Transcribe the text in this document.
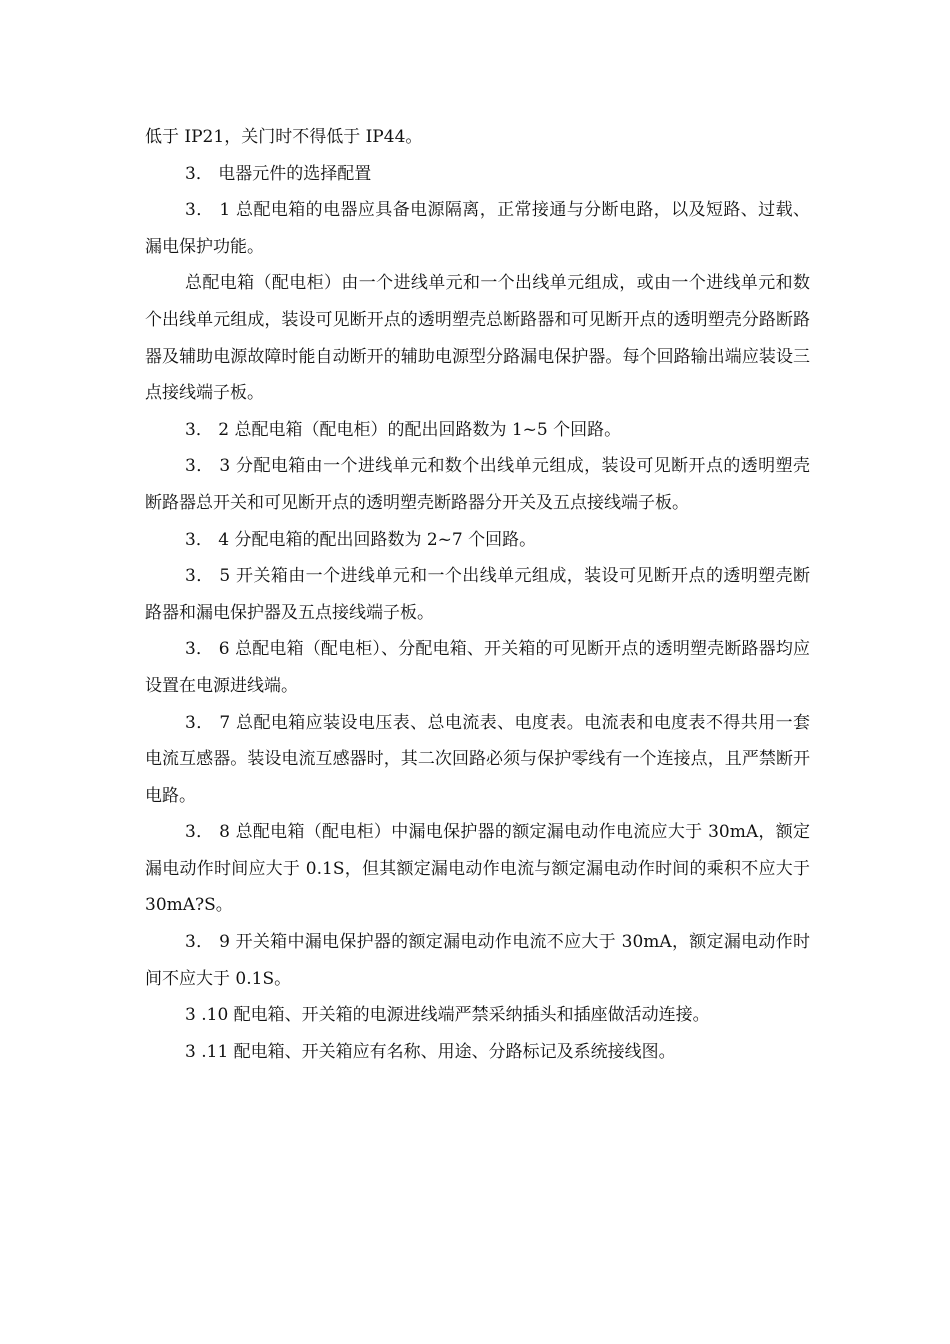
低于 IP21，关门时不得低于 IP44。

3． 电器元件的选择配置

3． 1 总配电箱的电器应具备电源隔离，正常接通与分断电路，以及短路、过载、漏电保护功能。

总配电箱（配电柜）由一个进线单元和一个出线单元组成，或由一个进线单元和数个出线单元组成，装设可见断开点的透明塑壳总断路器和可见断开点的透明塑壳分路断路器及辅助电源故障时能自动断开的辅助电源型分路漏电保护器。每个回路输出端应装设三点接线端子板。

3． 2 总配电箱（配电柜）的配出回路数为 1~5 个回路。

3． 3 分配电箱由一个进线单元和数个出线单元组成，装设可见断开点的透明塑壳断路器总开关和可见断开点的透明塑壳断路器分开关及五点接线端子板。

3． 4 分配电箱的配出回路数为 2~7 个回路。

3． 5 开关箱由一个进线单元和一个出线单元组成，装设可见断开点的透明塑壳断路器和漏电保护器及五点接线端子板。

3． 6 总配电箱（配电柜）、分配电箱、开关箱的可见断开点的透明塑壳断路器均应设置在电源进线端。

3． 7 总配电箱应装设电压表、总电流表、电度表。电流表和电度表不得共用一套电流互感器。装设电流互感器时，其二次回路必须与保护零线有一个连接点，且严禁断开电路。

3． 8 总配电箱（配电柜）中漏电保护器的额定漏电动作电流应大于 30mA，额定漏电动作时间应大于 0.1S，但其额定漏电动作电流与额定漏电动作时间的乘积不应大于 30mA?S。

3． 9 开关箱中漏电保护器的额定漏电动作电流不应大于 30mA，额定漏电动作时间不应大于 0.1S。

3 .10 配电箱、开关箱的电源进线端严禁采纳插头和插座做活动连接。

3 .11 配电箱、开关箱应有名称、用途、分路标记及系统接线图。
